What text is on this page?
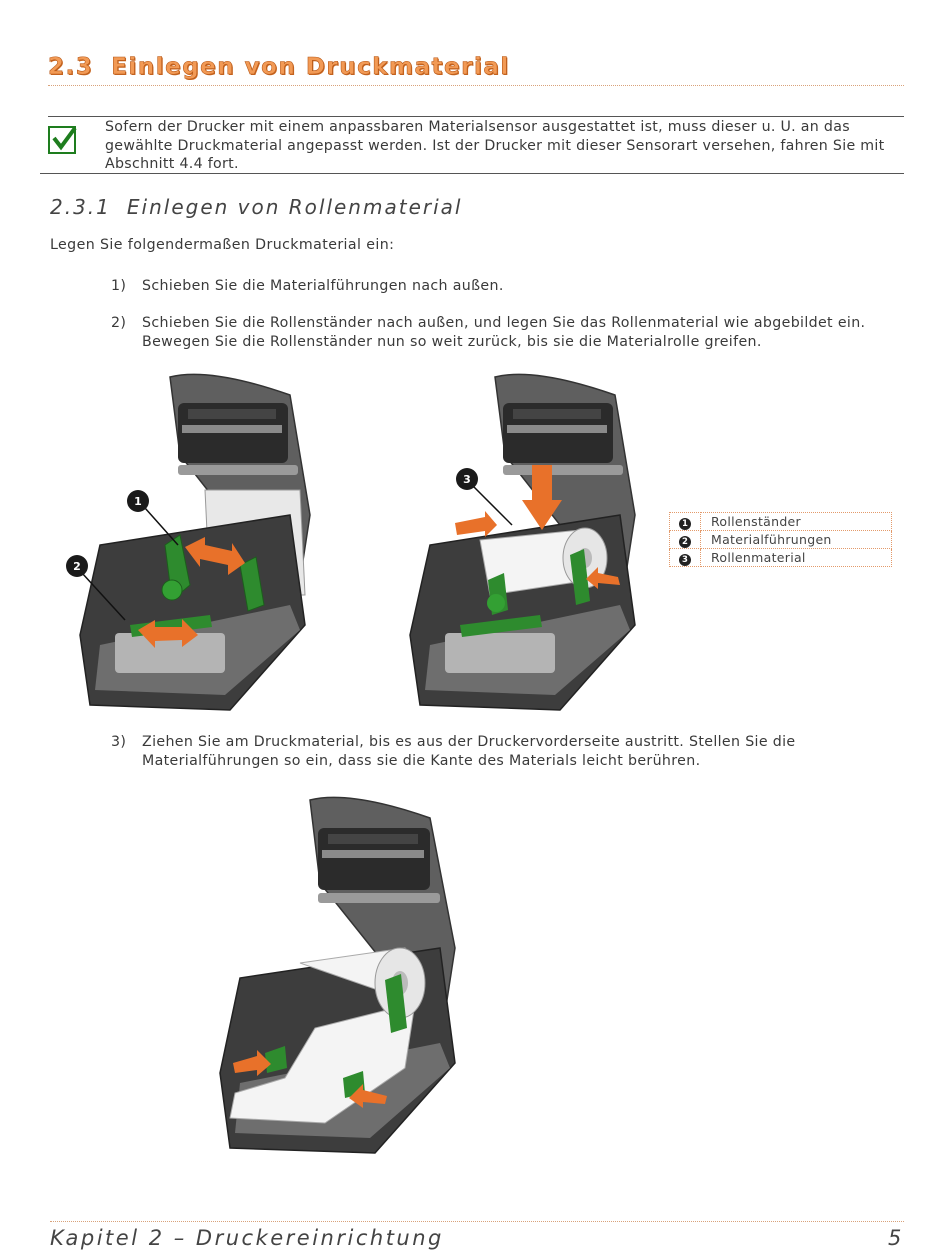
2.3 Einlegen von Druckmaterial
Sofern der Drucker mit einem anpassbaren Materialsensor ausgestattet ist, muss dieser u. U. an das gewählte Druckmaterial angepasst werden. Ist der Drucker mit dieser Sensorart versehen, fahren Sie mit Abschnitt 4.4 fort.
2.3.1 Einlegen von Rollenmaterial
Legen Sie folgendermaßen Druckmaterial ein:
1) Schieben Sie die Materialführungen nach außen.
2) Schieben Sie die Rollenständer nach außen, und legen Sie das Rollenmaterial wie abgebildet ein. Bewegen Sie die Rollenständer nun so weit zurück, bis sie die Materialrolle greifen.
1
2
3
1	Rollenständer
2	Materialführungen
3	Rollenmaterial
3) Ziehen Sie am Druckmaterial, bis es aus der Druckervorderseite austritt. Stellen Sie die Materialführungen so ein, dass sie die Kante des Materials leicht berühren.
Kapitel 2 – Druckereinrichtung	5
